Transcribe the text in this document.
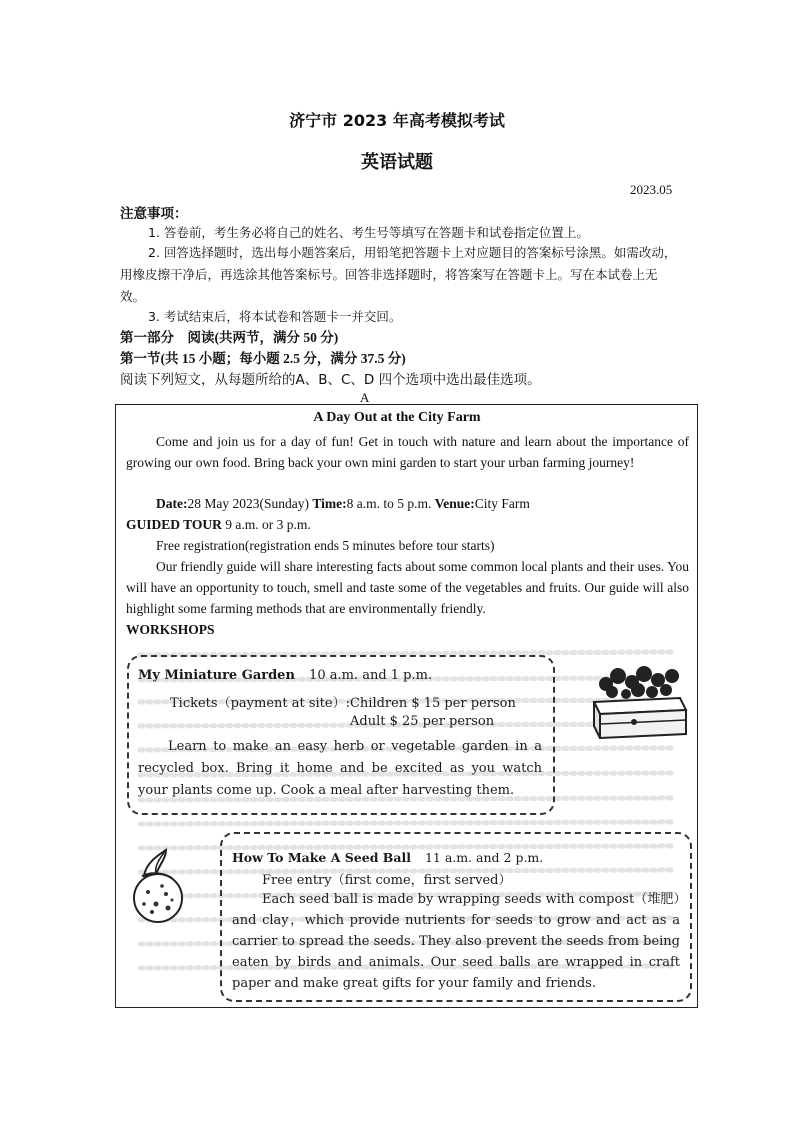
济宁市 2023 年高考模拟考试
英语试题
2023.05
注意事项：
1. 答卷前，考生务必将自己的姓名、考生号等填写在答题卡和试卷指定位置上。
2. 回答选择题时，选出每小题答案后，用铅笔把答题卡上对应题目的答案标号涂黑。如需改动，用橡皮擦干净后，再选涂其他答案标号。回答非选择题时，将答案写在答题卡上。写在本试卷上无效。
3. 考试结束后，将本试卷和答题卡一并交回。
第一部分　阅读(共两节，满分 50 分)
第一节(共 15 小题；每小题 2.5 分，满分 37.5 分)
阅读下列短文，从每题所给的A、B、C、D 四个选项中选出最佳选项。
A
A Day Out at the City Farm
Come and join us for a day of fun! Get in touch with nature and learn about the importance of growing our own food. Bring back your own mini garden to start your urban farming journey!
Date:28 May 2023(Sunday) Time:8 a.m. to 5 p.m. Venue:City Farm
GUIDED TOUR 9 a.m. or 3 p.m.
Free registration(registration ends 5 minutes before tour starts)
Our friendly guide will share interesting facts about some common local plants and their uses. You will have an opportunity to touch, smell and taste some of the vegetables and fruits. Our guide will also highlight some farming methods that are environmentally friendly.
WORKSHOPS
My Miniature Garden 10 a.m. and 1 p.m.
Tickets（payment at site）:Children $ 15 per person
Adult $ 25 per person
Learn to make an easy herb or vegetable garden in a recycled box. Bring it home and be excited as you watch your plants come up. Cook a meal after harvesting them.
How To Make A Seed Ball 11 a.m. and 2 p.m.
Free entry（first come，first served）
Each seed ball is made by wrapping seeds with compost（堆肥）and clay，which provide nutrients for seeds to grow and act as a carrier to spread the seeds. They also prevent the seeds from being eaten by birds and animals. Our seed balls are wrapped in craft paper and make great gifts for your family and friends.
